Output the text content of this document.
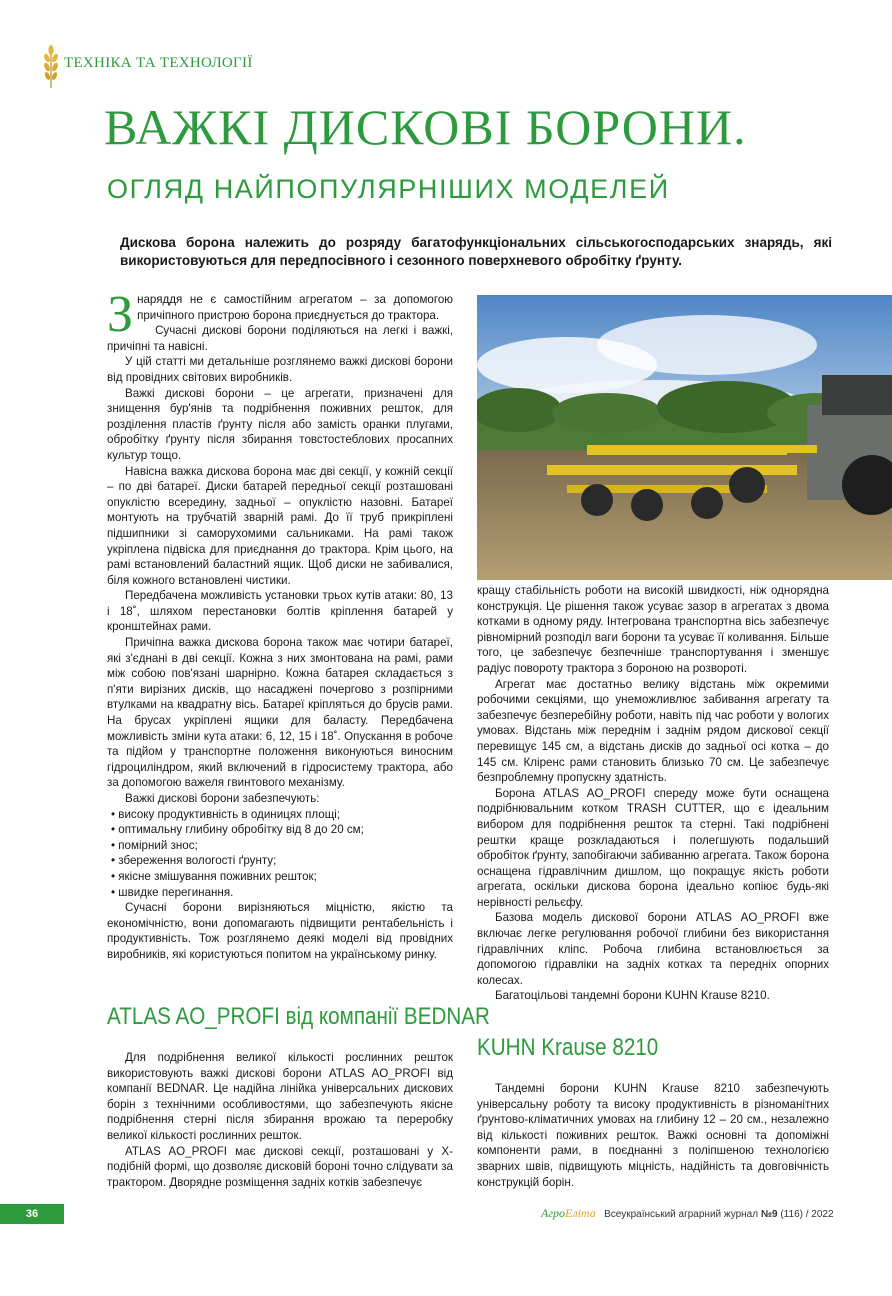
ТЕХНІКА ТА ТЕХНОЛОГІЇ
ВАЖКІ ДИСКОВІ БОРОНИ.
ОГЛЯД НАЙПОПУЛЯРНІШИХ МОДЕЛЕЙ
Дискова борона належить до розряду багатофункціональних сільськогосподарських знарядь, які використовуються для передпосівного і сезонного поверхневого обробітку ґрунту.

Знаряддя не є самостійним агрегатом – за допомогою причіпного пристрою борона приєднується до трактора.

Сучасні дискові борони поділяються на легкі і важкі, причіпні та навісні.

У цій статті ми детальніше розглянемо важкі дискові борони від провідних світових виробників.

Важкі дискові борони – це агрегати, призначені для знищення бур'янів та подрібнення поживних решток, для розділення пластів ґрунту після або замість оранки плугами, обробітку ґрунту після збирання товстостеблових просапних культур тощо.

Навісна важка дискова борона має дві секції, у кожній секції – по дві батареї. Диски батарей передньої секції розташовані опуклістю всередину, задньої – опуклістю назовні. Батареї монтують на трубчатій зварній рамі. До її труб прикріплені підшипники зі саморухомими сальниками. На рамі також укріплена підвіска для приєднання до трактора. Крім цього, на рамі встановлений баластний ящик. Щоб диски не забивалися, біля кожного встановлені чистики.

Передбачена можливість установки трьох кутів атаки: 80, 13 і 18˚, шляхом перестановки болтів кріплення батарей у кронштейнах рами.

Причіпна важка дискова борона також має чотири батареї, які з'єднані в дві секції. Кожна з них змонтована на рамі, рами між собою пов'язані шарнірно. Кожна батарея складається з п'яти вирізних дисків, що насаджені почергово з розпірними втулками на квадратну вісь. Батареї кріпляться до брусів рами. На брусах укріплені ящики для баласту. Передбачена можливість зміни кута атаки: 6, 12, 15 і 18˚. Опускання в робоче та підйом у транспортне положення виконуються виносним гідроциліндром, який включений в гідросистему трактора, або за допомогою важеля гвинтового механізму.

Важкі дискові борони забезпечують:

• високу продуктивність в одиницях площі;
• оптимальну глибину обробітку від 8 до 20 см;
• помірний знос;
• збереження вологості ґрунту;
• якісне змішування поживних решток;
• швидке перегинання.

Сучасні борони вирізняються міцністю, якістю та економічністю, вони допомагають підвищити рентабельність і продуктивність. Тож розглянемо деякі моделі від провідних виробників, які користуються попитом на українському ринку.

ATLAS AO_PROFI від компанії BEDNAR

Для подрібнення великої кількості рослинних решток використовують важкі дискові борони ATLAS AO_PROFI від компанії BEDNAR. Це надійна лінійка універсальних дискових борін з технічними особливостями, що забезпечують якісне подрібнення стерні після збирання врожаю та переробку великої кількості рослинних решток.

ATLAS AO_PROFI має дискові секції, розташовані у X-подібній формі, що дозволяє дисковій бороні точно слідувати за трактором. Дворядне розміщення задніх котків забезпечує

кращу стабільність роботи на високій швидкості, ніж однорядна конструкція. Це рішення також усуває зазор в агрегатах з двома котками в одному ряду. Інтегрована транспортна вісь забезпечує рівномірний розподіл ваги борони та усуває її коливання. Більше того, це забезпечує безпечніше транспортування і зменшує радіус повороту трактора з бороною на розвороті.

Агрегат має достатньо велику відстань між окремими робочими секціями, що унеможливлює забивання агрегату та забезпечує безперебійну роботи, навіть під час роботи у вологих умовах. Відстань між переднім і заднім рядом дискової секції перевищує 145 см, а відстань дисків до задньої осі котка – до 145 см. Кліренс рами становить близько 70 см. Це забезпечує безпроблемну пропускну здатність.

Борона ATLAS AO_PROFI спереду може бути оснащена подрібнювальним котком TRASH CUTTER, що є ідеальним вибором для подрібнення решток та стерні. Такі подрібнені рештки краще розкладаються і полегшують подальший обробіток ґрунту, запобігаючи забиванню агрегата. Також борона оснащена гідравлічним дишлом, що покращує якість роботи агрегата, оскільки дискова борона ідеально копіює будь-які нерівності рельєфу.

Базова модель дискової борони ATLAS AO_PROFI вже включає легке регулювання робочої глибини без використання гідравлічних кліпс. Робоча глибина встановлюється за допомогою гідравліки на задніх котках та передніх опорних колесах.

Багатоцільові тандемні борони KUHN Krause 8210.

KUHN Krause 8210

Тандемні борони KUHN Krause 8210 забезпечують універсальну роботу та високу продуктивність в різноманітних ґрунтово-кліматичних умовах на глибину 12 – 20 см., незалежно від кількості поживних решток. Важкі основні та допоміжні компоненти рами, в поєднанні з поліпшеною технологією зварних швів, підвищують міцність, надійність та довговічність конструкцій борін.

36	АгроЕліта Всеукраїнський аграрний журнал №9 (116) / 2022
